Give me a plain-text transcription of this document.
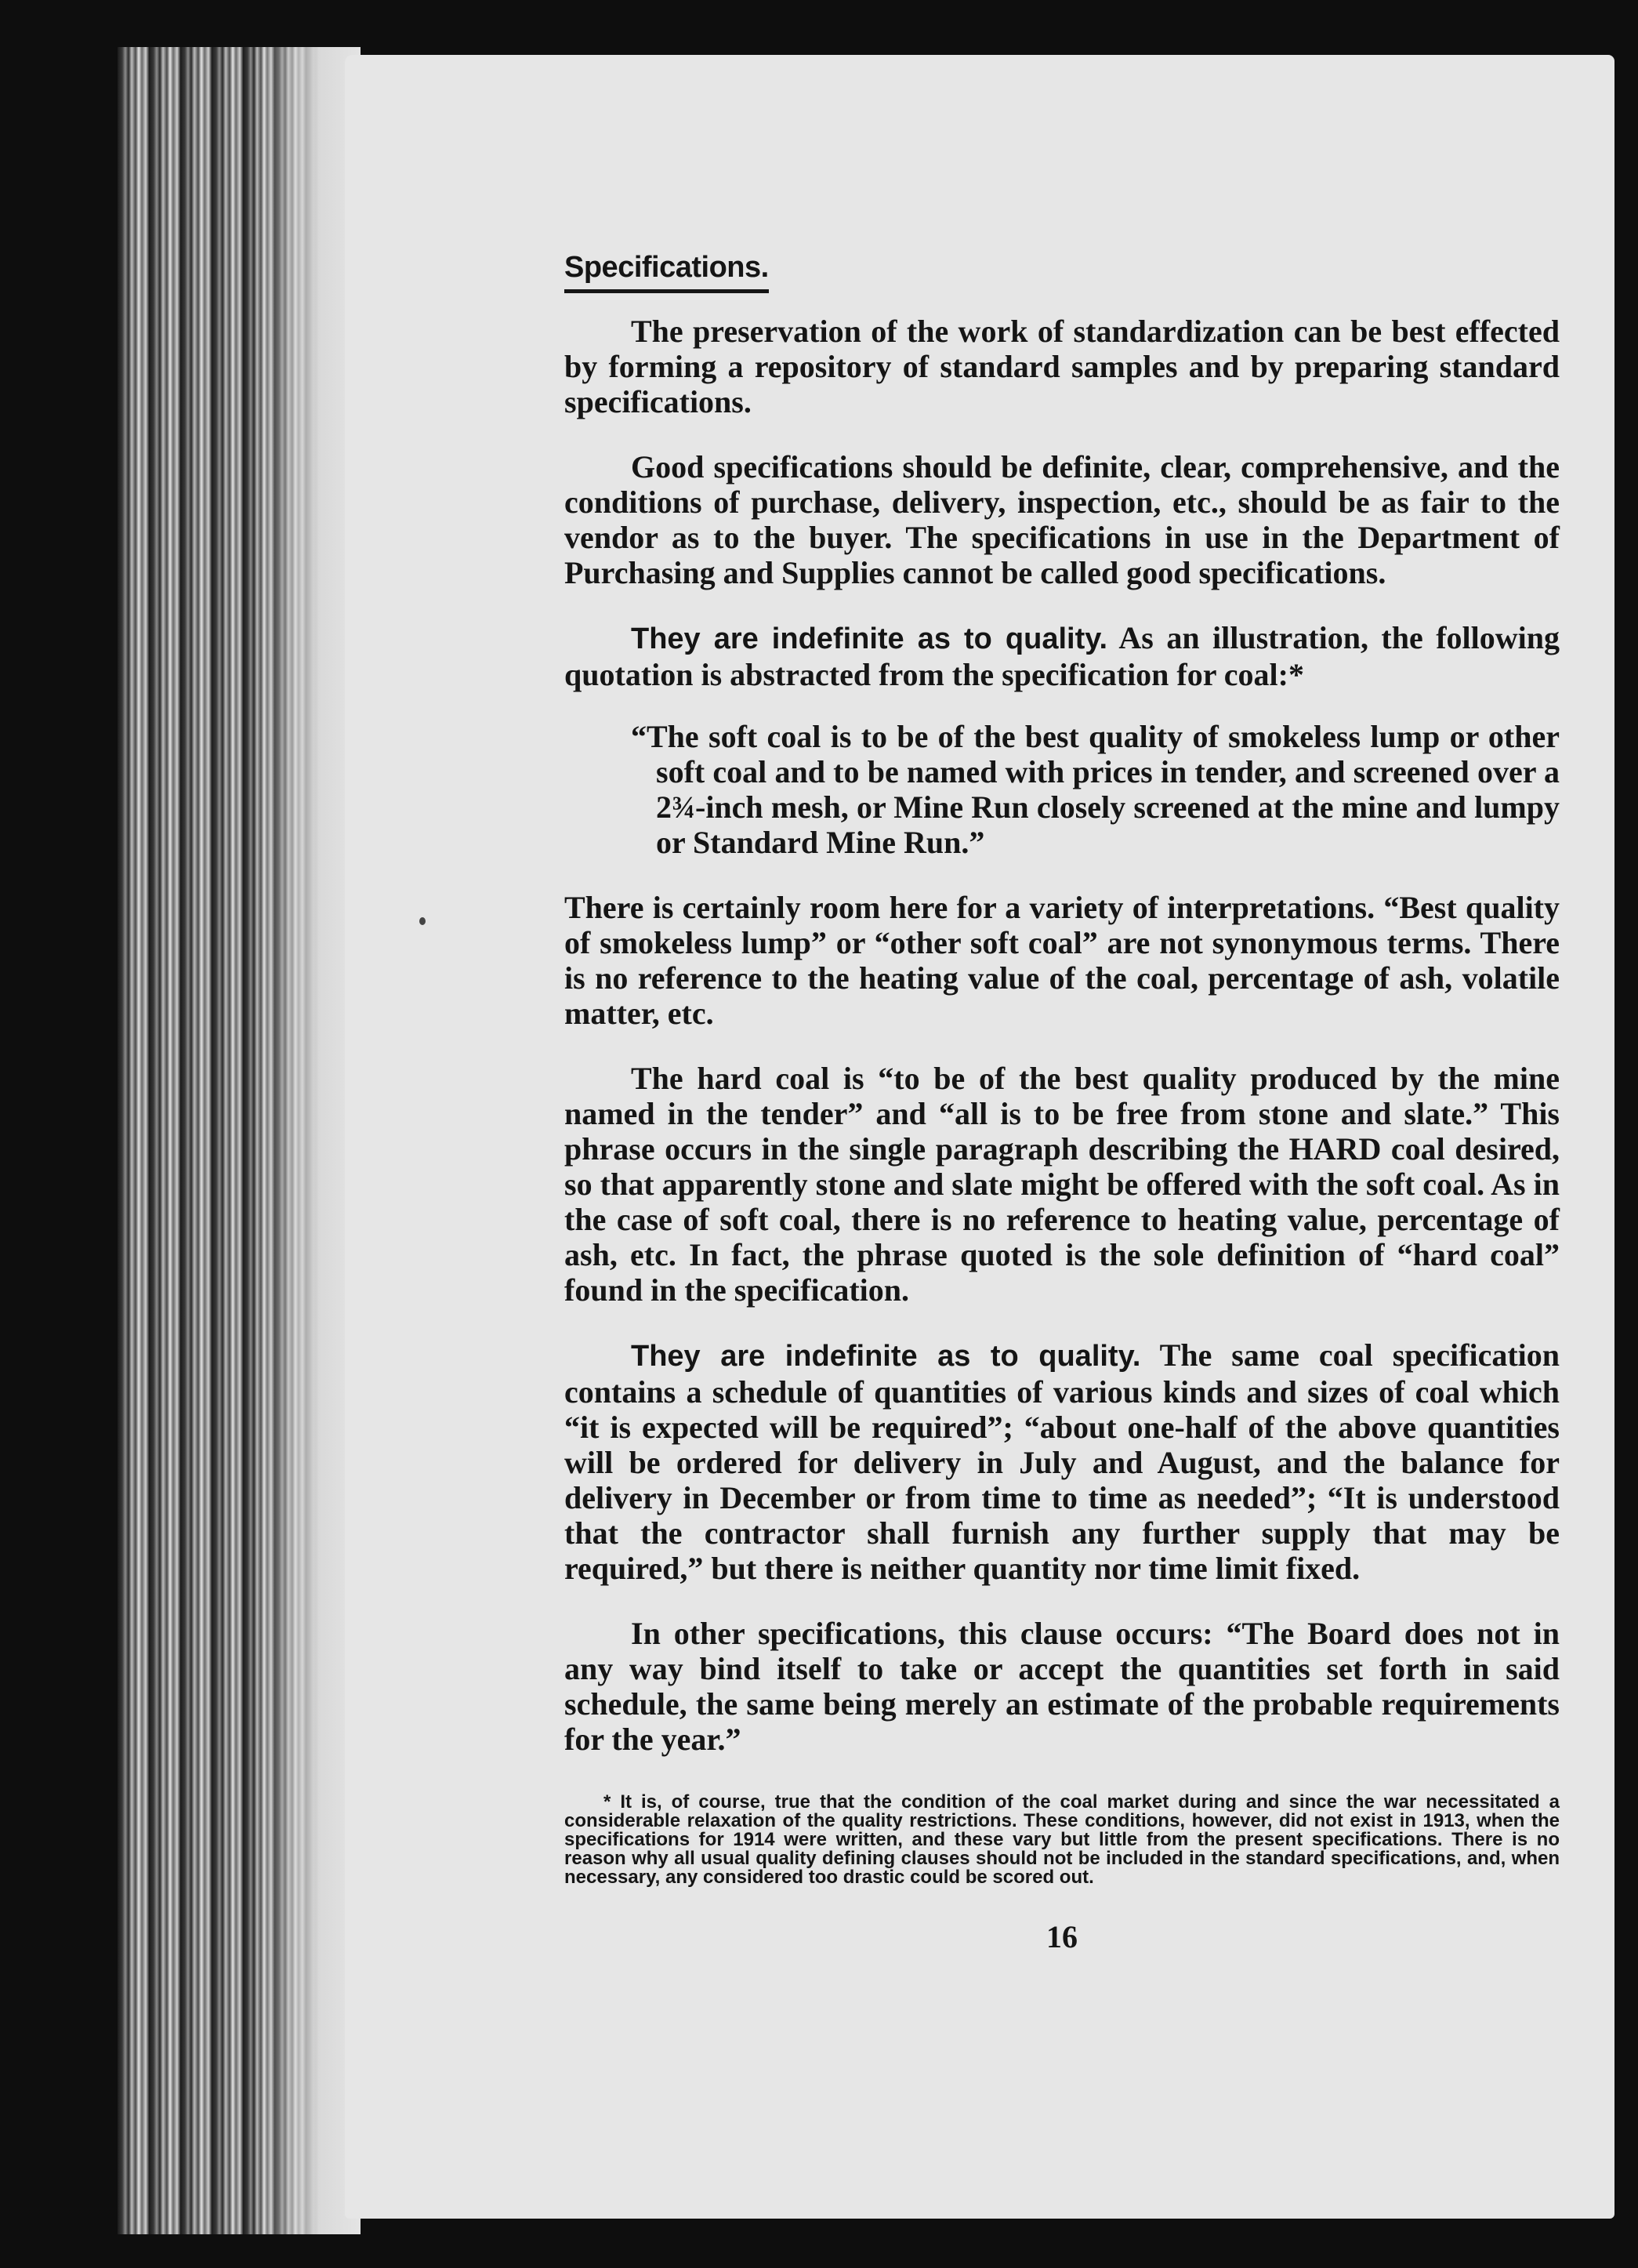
Specifications.

The preservation of the work of standardization can be best effected by forming a repository of standard samples and by preparing standard specifications.

Good specifications should be definite, clear, comprehensive, and the conditions of purchase, delivery, inspection, etc., should be as fair to the vendor as to the buyer. The specifications in use in the Department of Purchasing and Supplies cannot be called good specifications.

They are indefinite as to quality. As an illustration, the following quotation is abstracted from the specification for coal:*

“The soft coal is to be of the best quality of smokeless lump or other soft coal and to be named with prices in tender, and screened over a 2¾-inch mesh, or Mine Run closely screened at the mine and lumpy or Standard Mine Run.”

There is certainly room here for a variety of interpretations. “Best quality of smokeless lump” or “other soft coal” are not synonymous terms. There is no reference to the heating value of the coal, percentage of ash, volatile matter, etc.

The hard coal is “to be of the best quality produced by the mine named in the tender” and “all is to be free from stone and slate.” This phrase occurs in the single paragraph describing the HARD coal desired, so that apparently stone and slate might be offered with the soft coal. As in the case of soft coal, there is no reference to heating value, percentage of ash, etc. In fact, the phrase quoted is the sole definition of “hard coal” found in the specification.

They are indefinite as to quality. The same coal specification contains a schedule of quantities of various kinds and sizes of coal which “it is expected will be required”; “about one-half of the above quantities will be ordered for delivery in July and August, and the balance for delivery in December or from time to time as needed”; “It is understood that the contractor shall furnish any further supply that may be required,” but there is neither quantity nor time limit fixed.

In other specifications, this clause occurs: “The Board does not in any way bind itself to take or accept the quantities set forth in said schedule, the same being merely an estimate of the probable requirements for the year.”

* It is, of course, true that the condition of the coal market during and since the war necessitated a considerable relaxation of the quality restrictions. These conditions, however, did not exist in 1913, when the specifications for 1914 were written, and these vary but little from the present specifications. There is no reason why all usual quality defining clauses should not be included in the standard specifications, and, when necessary, any considered too drastic could be scored out.
16
